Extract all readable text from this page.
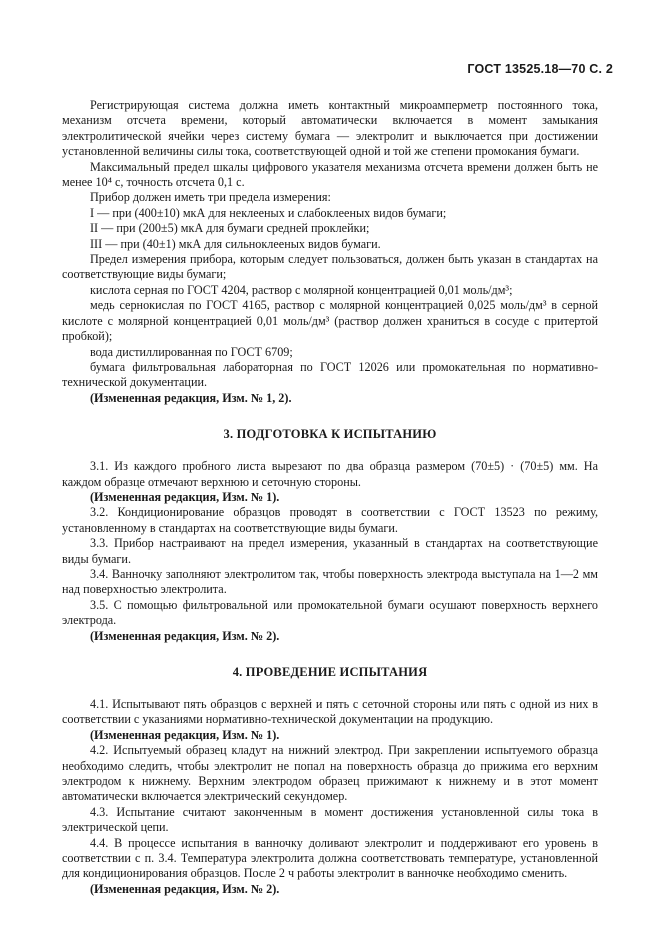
ГОСТ 13525.18—70 С. 2

Регистрирующая система должна иметь контактный микроамперметр постоянного тока, механизм отсчета времени, который автоматически включается в момент замыкания электролитической ячейки через систему бумага — электролит и выключается при достижении установленной величины силы тока, соответствующей одной и той же степени промокания бумаги.

Максимальный предел шкалы цифрового указателя механизма отсчета времени должен быть не менее 10⁴ с, точность отсчета 0,1 с.

Прибор должен иметь три предела измерения:

I — при (400±10) мкА для неклееных и слабоклееных видов бумаги;

II — при (200±5) мкА для бумаги средней проклейки;

III — при (40±1) мкА для сильноклееных видов бумаги.

Предел измерения прибора, которым следует пользоваться, должен быть указан в стандартах на соответствующие виды бумаги;

кислота серная по ГОСТ 4204, раствор с молярной концентрацией 0,01 моль/дм³;

медь сернокислая по ГОСТ 4165, раствор с молярной концентрацией 0,025 моль/дм³ в серной кислоте с молярной концентрацией 0,01 моль/дм³ (раствор должен храниться в сосуде с притертой пробкой);

вода дистиллированная по ГОСТ 6709;

бумага фильтровальная лабораторная по ГОСТ 12026 или промокательная по нормативно-технической документации.

(Измененная редакция, Изм. № 1, 2).

3. ПОДГОТОВКА К ИСПЫТАНИЮ

3.1. Из каждого пробного листа вырезают по два образца размером (70±5) · (70±5) мм. На каждом образце отмечают верхнюю и сеточную стороны.

(Измененная редакция, Изм. № 1).

3.2. Кондиционирование образцов проводят в соответствии с ГОСТ 13523 по режиму, установленному в стандартах на соответствующие виды бумаги.

3.3. Прибор настраивают на предел измерения, указанный в стандартах на соответствующие виды бумаги.

3.4. Ванночку заполняют электролитом так, чтобы поверхность электрода выступала на 1—2 мм над поверхностью электролита.

3.5. С помощью фильтровальной или промокательной бумаги осушают поверхность верхнего электрода.

(Измененная редакция, Изм. № 2).

4. ПРОВЕДЕНИЕ ИСПЫТАНИЯ

4.1. Испытывают пять образцов с верхней и пять с сеточной стороны или пять с одной из них в соответствии с указаниями нормативно-технической документации на продукцию.

(Измененная редакция, Изм. № 1).

4.2. Испытуемый образец кладут на нижний электрод. При закреплении испытуемого образца необходимо следить, чтобы электролит не попал на поверхность образца до прижима его верхним электродом к нижнему. Верхним электродом образец прижимают к нижнему и в этот момент автоматически включается электрический секундомер.

4.3. Испытание считают законченным в момент достижения установленной силы тока в электрической цепи.

4.4. В процессе испытания в ванночку доливают электролит и поддерживают его уровень в соответствии с п. 3.4. Температура электролита должна соответствовать температуре, установленной для кондиционирования образцов. После 2 ч работы электролит в ванночке необходимо сменить.

(Измененная редакция, Изм. № 2).
